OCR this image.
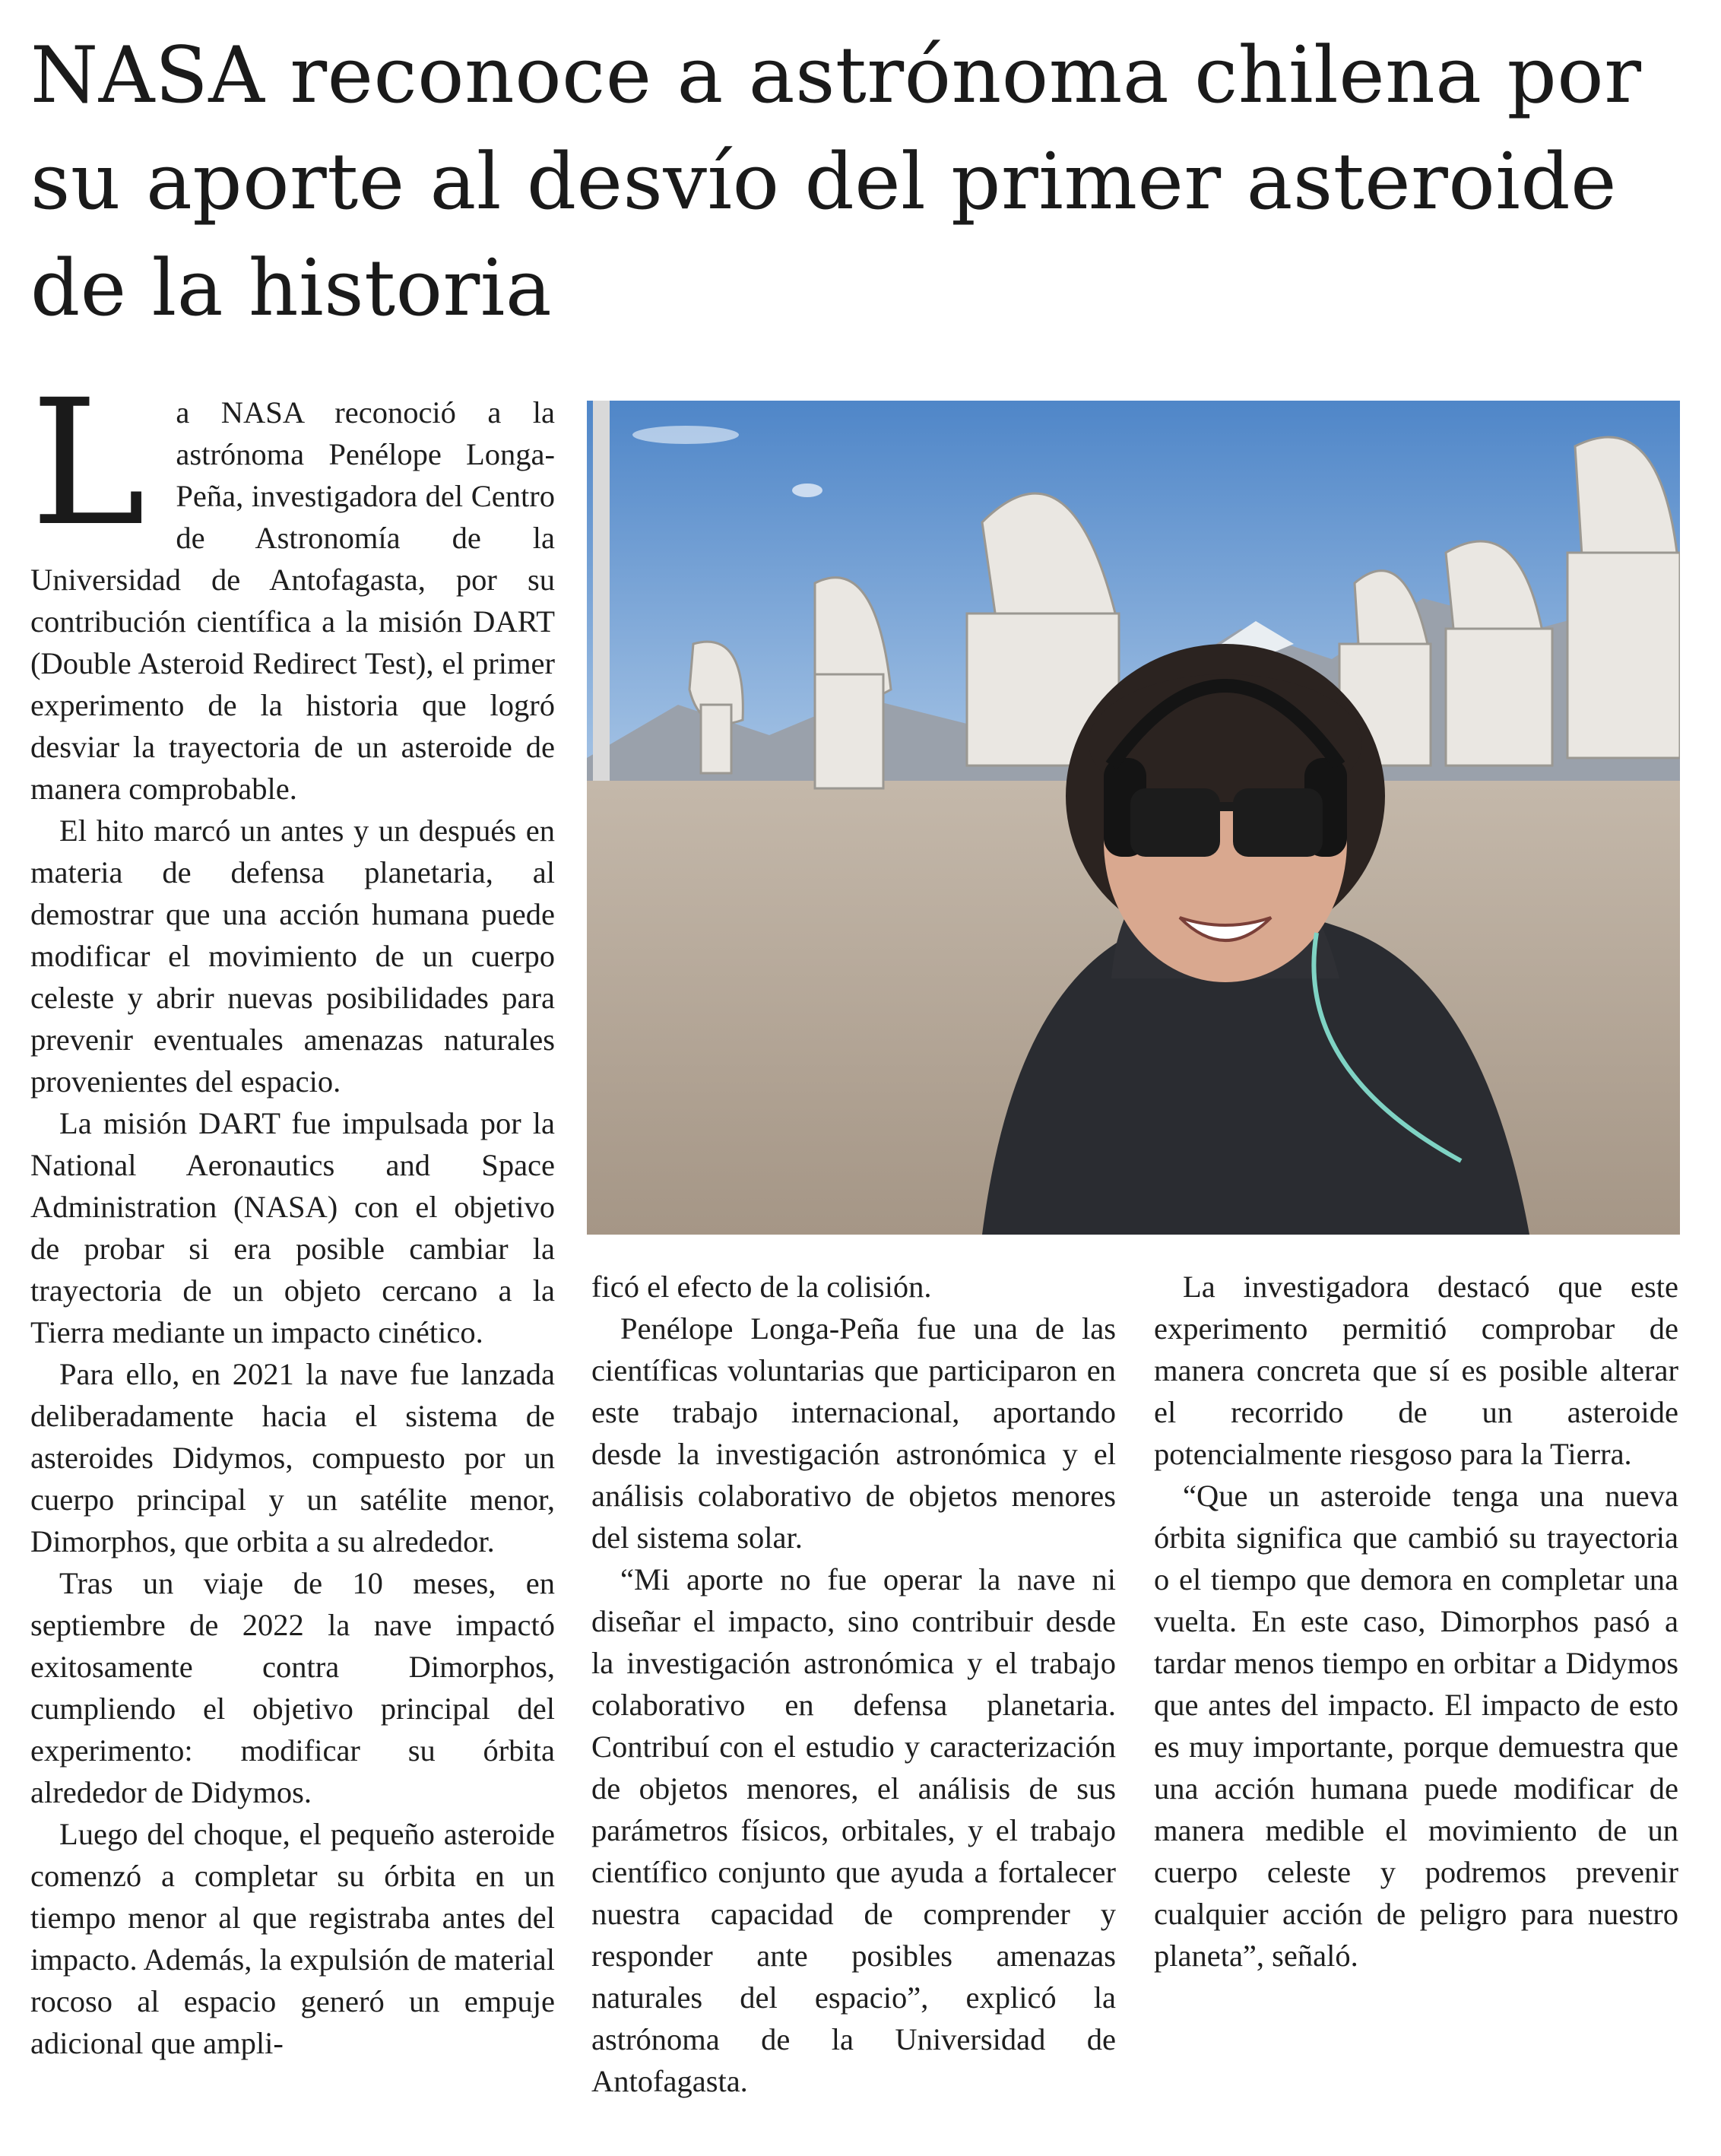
NASA reconoce a astrónoma chilena por su aporte al desvío del primer asteroide de la historia
L a NASA reconoció a la astrónoma Penélope Longa-Peña, investigadora del Centro de Astronomía de la Universidad de Antofagasta, por su contribución científica a la misión DART (Double Asteroid Redirect Test), el primer experimento de la historia que logró desviar la trayectoria de un asteroide de manera comprobable.

El hito marcó un antes y un después en materia de defensa planetaria, al demostrar que una acción humana puede modificar el movimiento de un cuerpo celeste y abrir nuevas posibilidades para prevenir eventuales amenazas naturales provenientes del espacio.

La misión DART fue impulsada por la National Aeronautics and Space Administration (NASA) con el objetivo de probar si era posible cambiar la trayectoria de un objeto cercano a la Tierra mediante un impacto cinético.

Para ello, en 2021 la nave fue lanzada deliberadamente hacia el sistema de asteroides Didymos, compuesto por un cuerpo principal y un satélite menor, Dimorphos, que orbita a su alrededor.

Tras un viaje de 10 meses, en septiembre de 2022 la nave impactó exitosamente contra Dimorphos, cumpliendo el objetivo principal del experimento: modificar su órbita alrededor de Didymos.

Luego del choque, el pequeño asteroide comenzó a completar su órbita en un tiempo menor al que registraba antes del impacto. Además, la expulsión de material rocoso al espacio generó un empuje adicional que ampli-

ficó el efecto de la colisión.

Penélope Longa-Peña fue una de las científicas voluntarias que participaron en este trabajo internacional, aportando desde la investigación astronómica y el análisis colaborativo de objetos menores del sistema solar.

“Mi aporte no fue operar la nave ni diseñar el impacto, sino contribuir desde la investigación astronómica y el trabajo colaborativo en defensa planetaria. Contribuí con el estudio y caracterización de objetos menores, el análisis de sus parámetros físicos, orbitales, y el trabajo científico conjunto que ayuda a fortalecer nuestra capacidad de comprender y responder ante posibles amenazas naturales del espacio”, explicó la astrónoma de la Universidad de Antofagasta.

La investigadora destacó que este experimento permitió comprobar de manera concreta que sí es posible alterar el recorrido de un asteroide potencialmente riesgoso para la Tierra.

“Que un asteroide tenga una nueva órbita significa que cambió su trayectoria o el tiempo que demora en completar una vuelta. En este caso, Dimorphos pasó a tardar menos tiempo en orbitar a Didymos que antes del impacto. El impacto de esto es muy importante, porque demuestra que una acción humana puede modificar de manera medible el movimiento de un cuerpo celeste y podremos prevenir cualquier acción de peligro para nuestro planeta”, señaló.
